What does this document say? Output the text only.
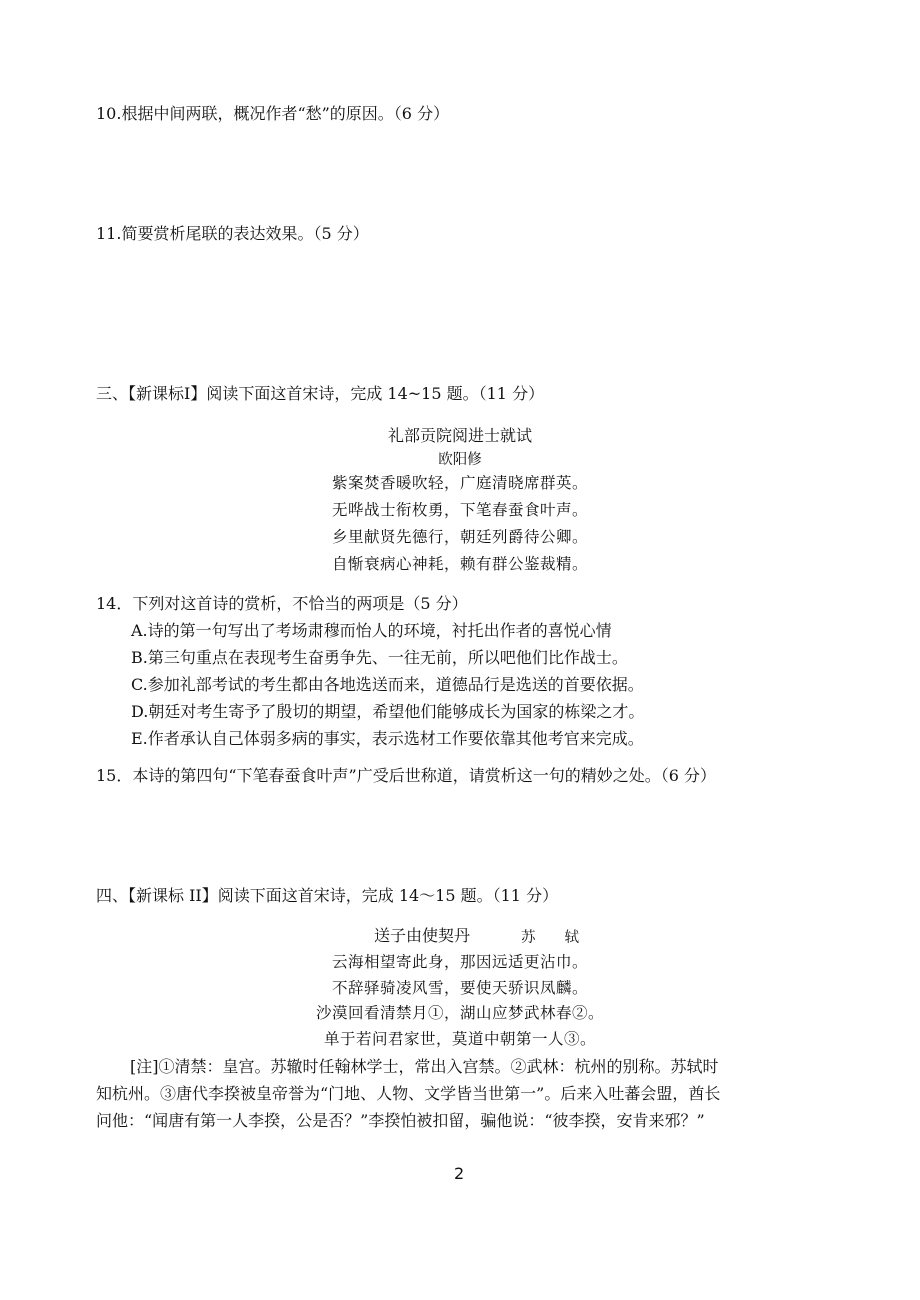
10.根据中间两联，概况作者“愁”的原因。（6 分）
11.简要赏析尾联的表达效果。（5 分）
三、【新课标Ⅰ】阅读下面这首宋诗，完成 14~15 题。（11 分）
礼部贡院阅进士就试
欧阳修
紫案焚香暖吹轻，广庭清晓席群英。
无哗战士衔枚勇，下笔春蚕食叶声。
乡里献贤先德行，朝廷列爵待公卿。
自惭衰病心神耗，赖有群公鉴裁精。
14．下列对这首诗的赏析，不恰当的两项是（5 分）
A.诗的第一句写出了考场肃穆而怡人的环境，衬托出作者的喜悦心情
B.第三句重点在表现考生奋勇争先、一往无前，所以吧他们比作战士。
C.参加礼部考试的考生都由各地选送而来，道德品行是选送的首要依据。
D.朝廷对考生寄予了殷切的期望，希望他们能够成长为国家的栋梁之才。
E.作者承认自己体弱多病的事实，表示选材工作要依靠其他考官来完成。
15．本诗的第四句“下笔春蚕食叶声”广受后世称道，请赏析这一句的精妙之处。（6 分）
四、【新课标 II】阅读下面这首宋诗，完成 14～15 题。（11 分）
送子由使契丹	苏　　轼
云海相望寄此身，那因远适更沾巾。
不辞驿骑凌风雪，要使天骄识凤麟。
沙漠回看清禁月①，湖山应梦武林春②。
单于若问君家世，莫道中朝第一人③。
[注]①清禁：皇宫。苏辙时任翰林学士，常出入宫禁。②武林：杭州的别称。苏轼时
知杭州。③唐代李揆被皇帝誉为“门地、人物、文学皆当世第一”。后来入吐蕃会盟，酋长
问他：“闻唐有第一人李揆，公是否？”李揆怕被扣留，骗他说：“彼李揆，安肯来邪？”
2
